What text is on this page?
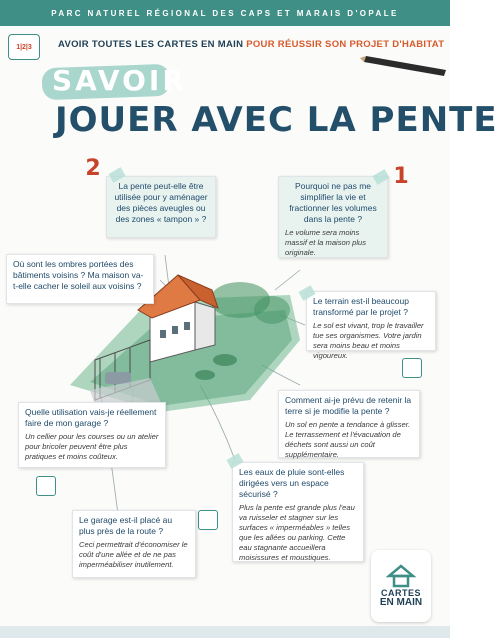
PARC NATUREL RÉGIONAL DES CAPS ET MARAIS D'OPALE
1|2|3	AVOIR TOUTES LES CARTES EN MAIN POUR RÉUSSIR SON PROJET D'HABITAT
SAVOIR
JOUER AVEC LA PENTE
2
La pente peut-elle être utilisée pour y aménager des pièces aveugles ou des zones « tampon » ?
1
Pourquoi ne pas me simplifier la vie et fractionner les volumes dans la pente ?
Le volume sera moins massif et la maison plus originale.
Où sont les ombres portées des bâtiments voisins ? Ma maison va-t-elle cacher le soleil aux voisins ?
Le terrain est-il beaucoup transformé par le projet ?
Le sol est vivant, trop le travailler tue ses organismes. Votre jardin sera moins beau et moins vigoureux.
Quelle utilisation vais-je réellement faire de mon garage ?
Un cellier pour les courses ou un atelier pour bricoler peuvent être plus pratiques et moins coûteux.
Comment ai-je prévu de retenir la terre si je modifie la pente ?
Un sol en pente a tendance à glisser. Le terrassement et l'évacuation de déchets sont aussi un coût supplémentaire.
Les eaux de pluie sont-elles dirigées vers un espace sécurisé ?
Plus la pente est grande plus l'eau va ruisseler et stagner sur les surfaces « imperméables » telles que les allées ou parking. Cette eau stagnante accueillera moisissures et moustiques.
Le garage est-il placé au plus près de la route ?
Ceci permettrait d'économiser le coût d'une allée et de ne pas imperméabiliser inutilement.
CARTES
EN MAIN
